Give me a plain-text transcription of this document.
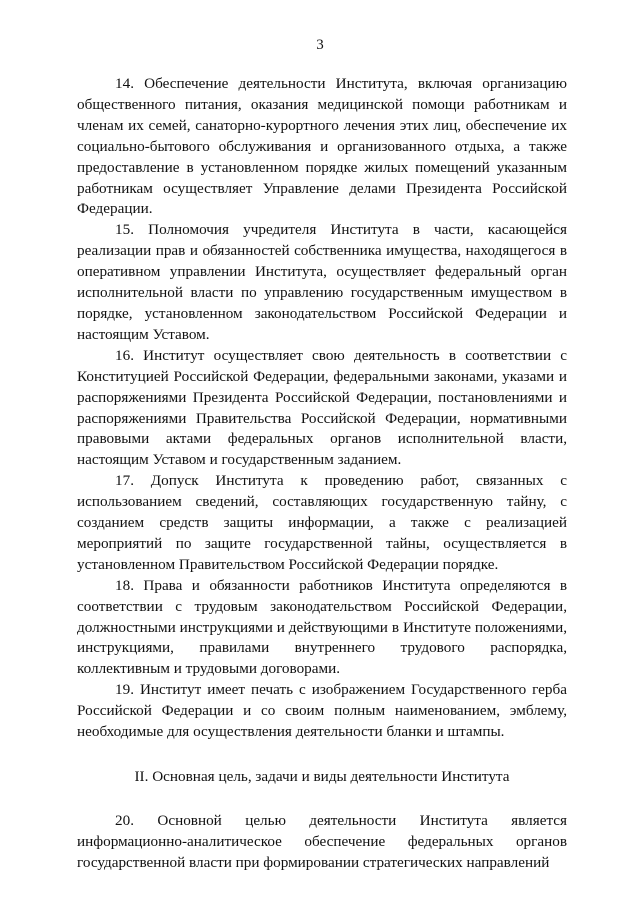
3

14. Обеспечение деятельности Института, включая организацию общественного питания, оказания медицинской помощи работникам и членам их семей, санаторно-курортного лечения этих лиц, обеспечение их социально-бытового обслуживания и организованного отдыха, а также предоставление в установленном порядке жилых помещений указанным работникам осуществляет Управление делами Президента Российской Федерации.

15. Полномочия учредителя Института в части, касающейся реализации прав и обязанностей собственника имущества, находящегося в оперативном управлении Института, осуществляет федеральный орган исполнительной власти по управлению государственным имуществом в порядке, установленном законодательством Российской Федерации и настоящим Уставом.

16. Институт осуществляет свою деятельность в соответствии с Конституцией Российской Федерации, федеральными законами, указами и распоряжениями Президента Российской Федерации, постановлениями и распоряжениями Правительства Российской Федерации, нормативными правовыми актами федеральных органов исполнительной власти, настоящим Уставом и государственным заданием.

17. Допуск Института к проведению работ, связанных с использованием сведений, составляющих государственную тайну, с созданием средств защиты информации, а также с реализацией мероприятий по защите государственной тайны, осуществляется в установленном Правительством Российской Федерации порядке.

18. Права и обязанности работников Института определяются в соответствии с трудовым законодательством Российской Федерации, должностными инструкциями и действующими в Институте положениями, инструкциями, правилами внутреннего трудового распорядка, коллективным и трудовыми договорами.

19. Институт имеет печать с изображением Государственного герба Российской Федерации и со своим полным наименованием, эмблему, необходимые для осуществления деятельности бланки и штампы.

II. Основная цель, задачи и виды деятельности Института

20. Основной целью деятельности Института является информационно-аналитическое обеспечение федеральных органов государственной власти при формировании стратегических направлений
